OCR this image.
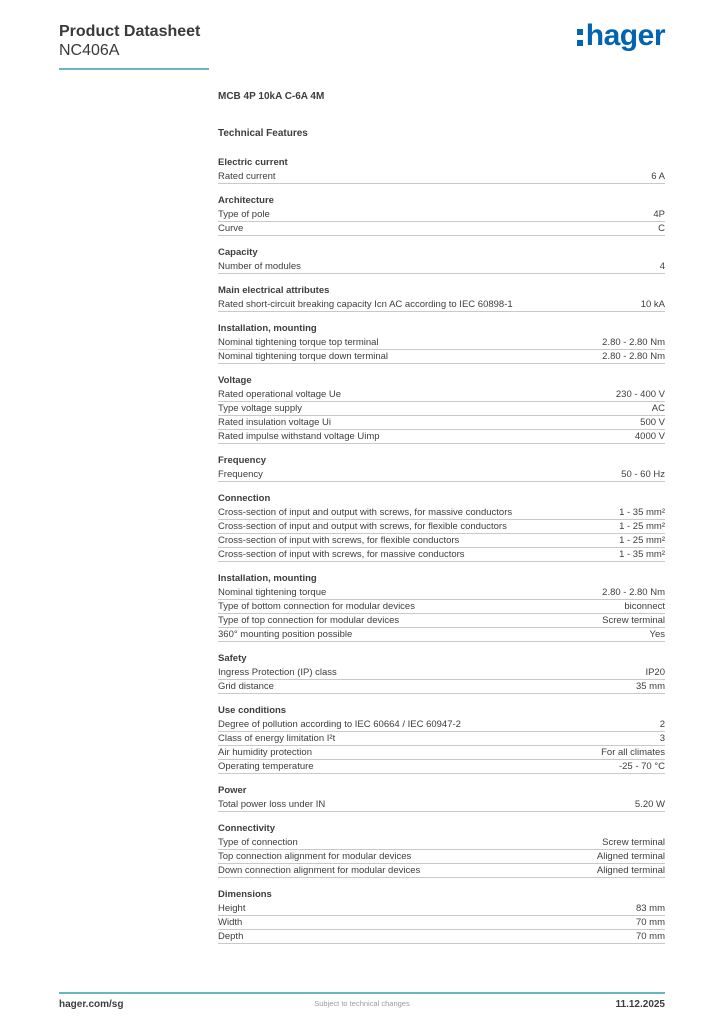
Product Datasheet
NC406A	hager
MCB 4P 10kA C-6A 4M
Technical Features
Electric current
Rated current	6 A
Architecture
Type of pole	4P
Curve	C
Capacity
Number of modules	4
Main electrical attributes
Rated short-circuit breaking capacity Icn AC according to IEC 60898-1	10 kA
Installation, mounting
Nominal tightening torque top terminal	2.80 - 2.80 Nm
Nominal tightening torque down terminal	2.80 - 2.80 Nm
Voltage
Rated operational voltage Ue	230 - 400 V
Type voltage supply	AC
Rated insulation voltage Ui	500 V
Rated impulse withstand voltage Uimp	4000 V
Frequency
Frequency	50 - 60 Hz
Connection
Cross-section of input and output with screws, for massive conductors	1 - 35 mm²
Cross-section of input and output with screws, for flexible conductors	1 - 25 mm²
Cross-section of input with screws, for flexible conductors	1 - 25 mm²
Cross-section of input with screws, for massive conductors	1 - 35 mm²
Installation, mounting
Nominal tightening torque	2.80 - 2.80 Nm
Type of bottom connection for modular devices	biconnect
Type of top connection for modular devices	Screw terminal
360° mounting position possible	Yes
Safety
Ingress Protection (IP) class	IP20
Grid distance	35 mm
Use conditions
Degree of pollution according to IEC 60664 / IEC 60947-2	2
Class of energy limitation I²t	3
Air humidity protection	For all climates
Operating temperature	-25 - 70 °C
Power
Total power loss under IN	5.20 W
Connectivity
Type of connection	Screw terminal
Top connection alignment for modular devices	Aligned terminal
Down connection alignment for modular devices	Aligned terminal
Dimensions
Height	83 mm
Width	70 mm
Depth	70 mm
hager.com/sg	Subject to technical changes	11.12.2025
